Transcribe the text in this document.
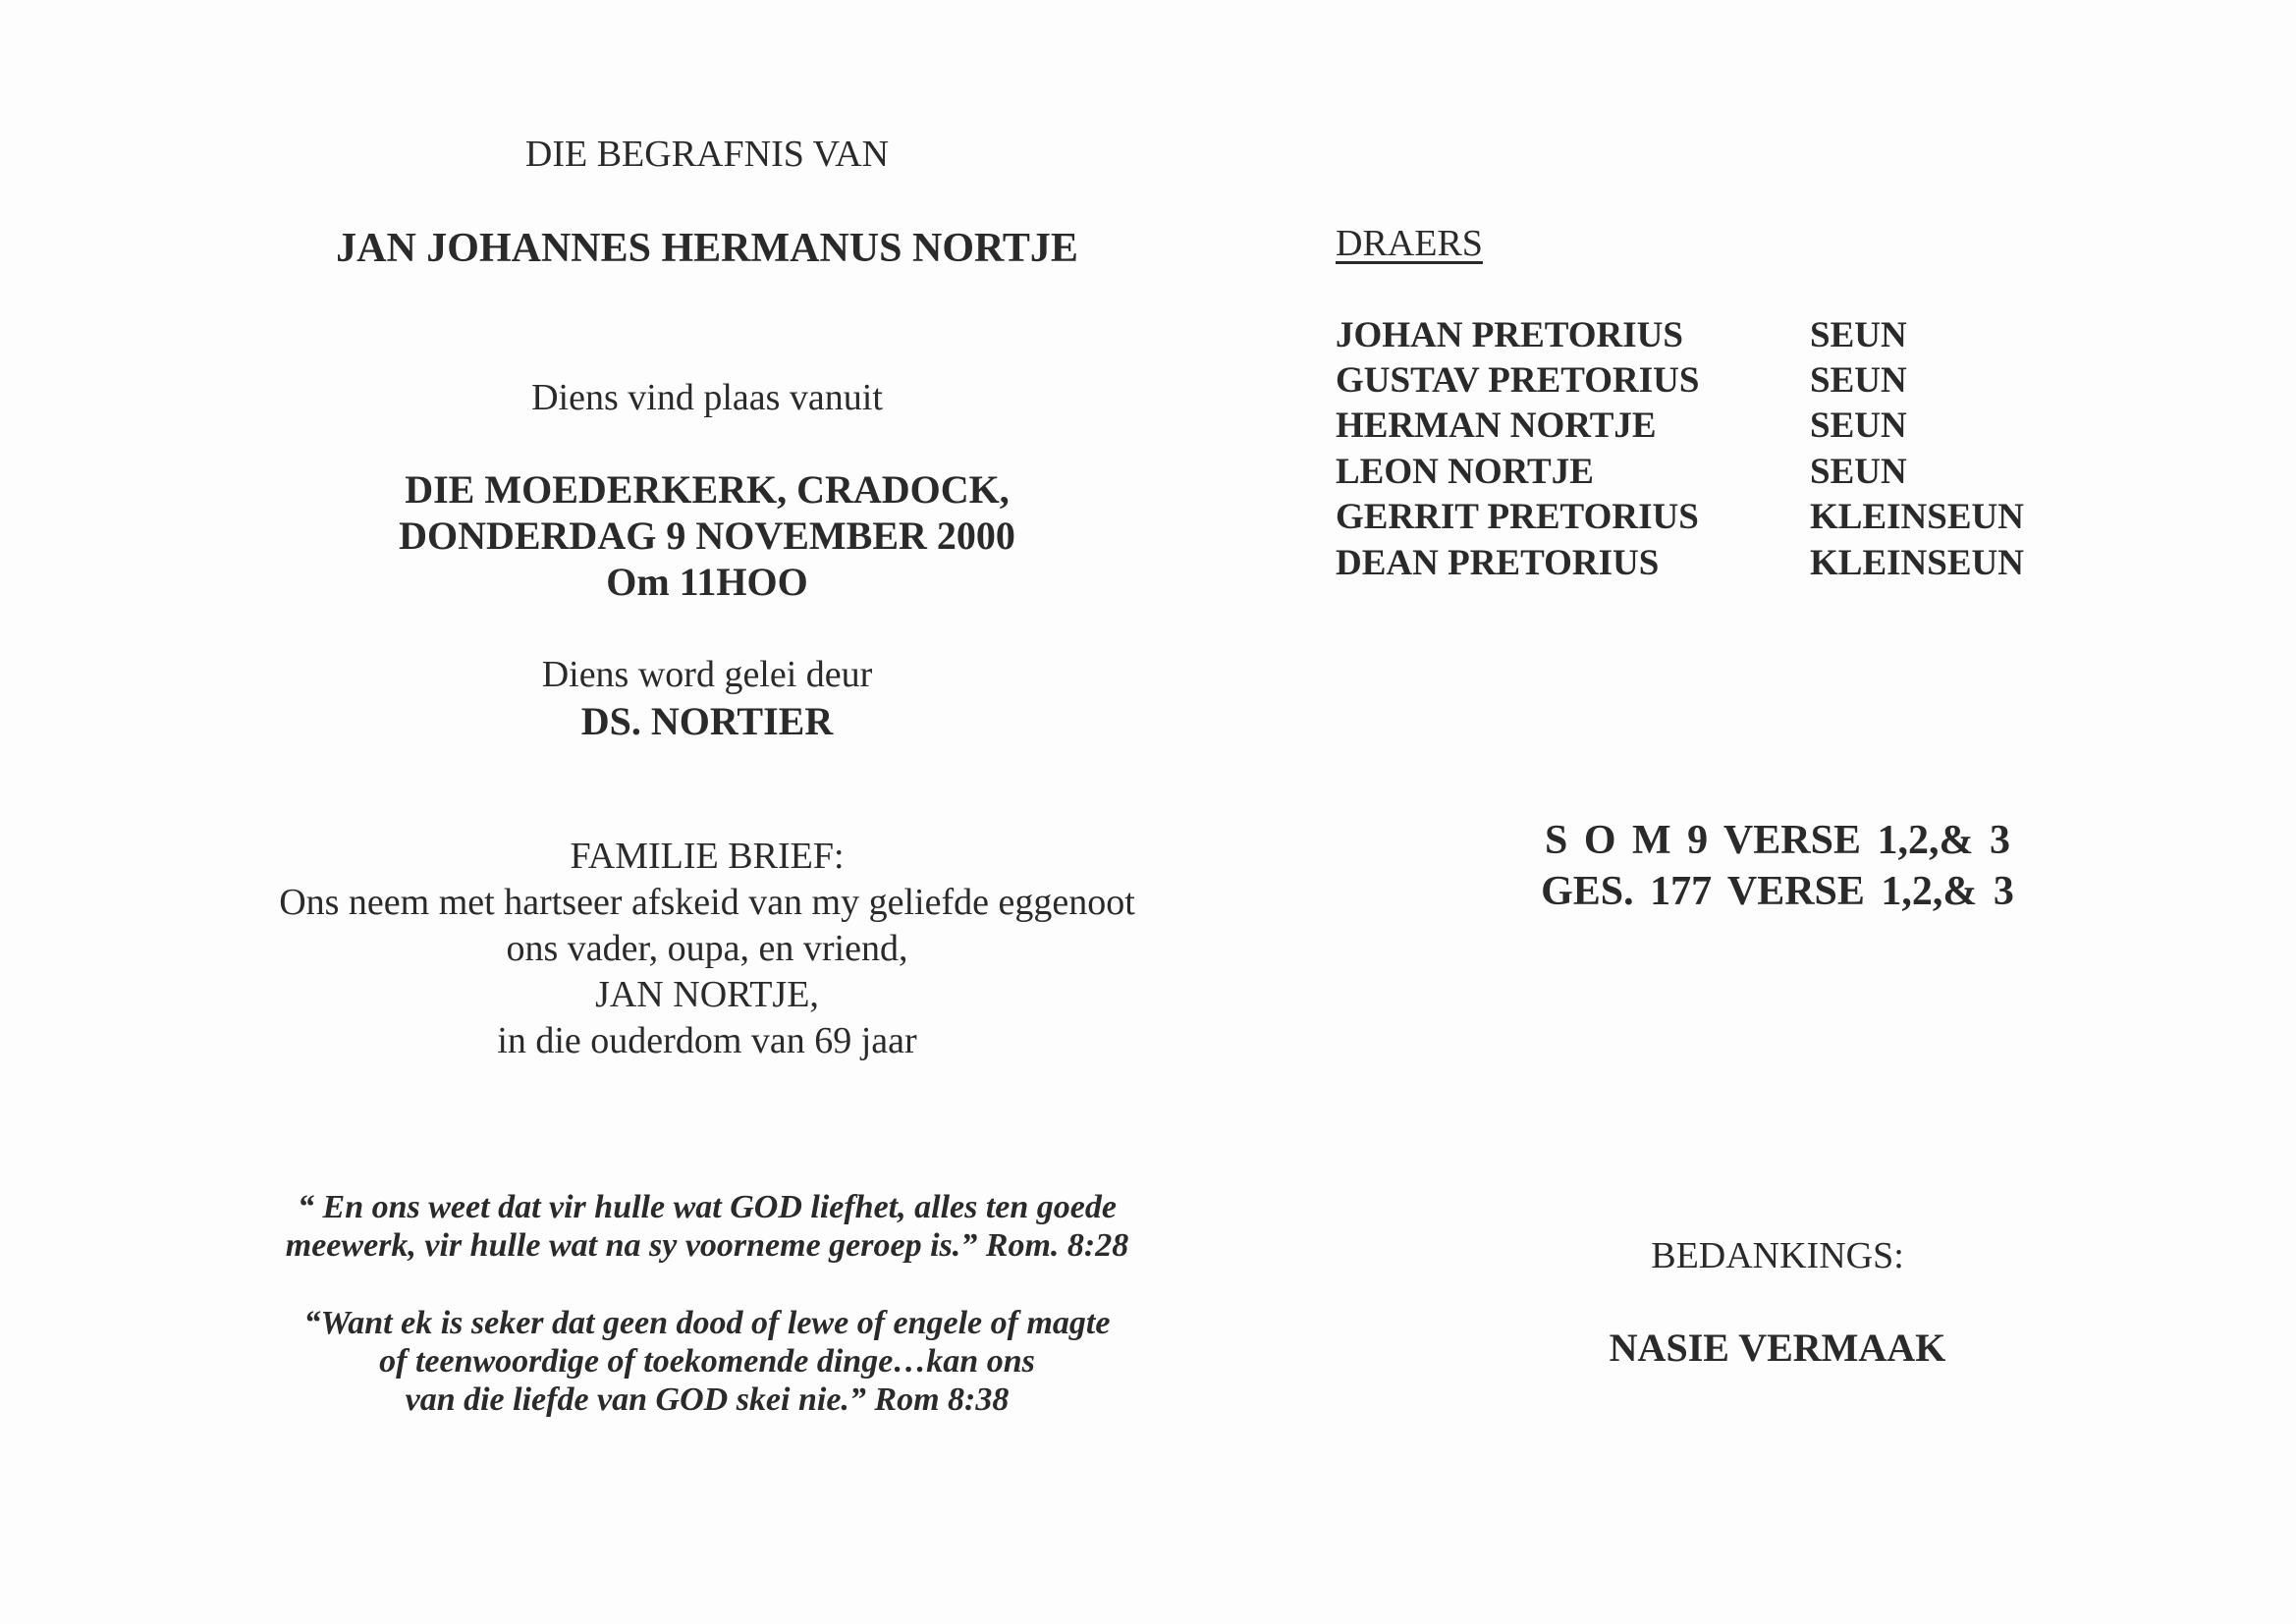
DIE BEGRAFNIS VAN
JAN JOHANNES HERMANUS NORTJE
Diens vind plaas vanuit
DIE MOEDERKERK, CRADOCK,
DONDERDAG 9 NOVEMBER 2000
Om 11HOO
Diens word gelei deur
DS. NORTIER
FAMILIE BRIEF:
Ons neem met hartseer afskeid van my geliefde eggenoot
ons vader, oupa, en vriend,
JAN NORTJE,
in die ouderdom van 69 jaar
“ En ons weet dat vir hulle wat GOD liefhet, alles ten goede
meewerk, vir hulle wat na sy voorneme geroep is.” Rom. 8:28
“Want ek is seker dat geen dood of lewe of engele of magte
of teenwoordige of toekomende dinge…kan ons
van die liefde van GOD skei nie.” Rom 8:38
DRAERS
JOHAN PRETORIUS	SEUN
GUSTAV PRETORIUS	SEUN
HERMAN NORTJE	SEUN
LEON NORTJE	SEUN
GERRIT PRETORIUS	KLEINSEUN
DEAN PRETORIUS	KLEINSEUN
S O M 9 VERSE 1,2,& 3
GES. 177 VERSE 1,2,& 3
BEDANKINGS:
NASIE VERMAAK
